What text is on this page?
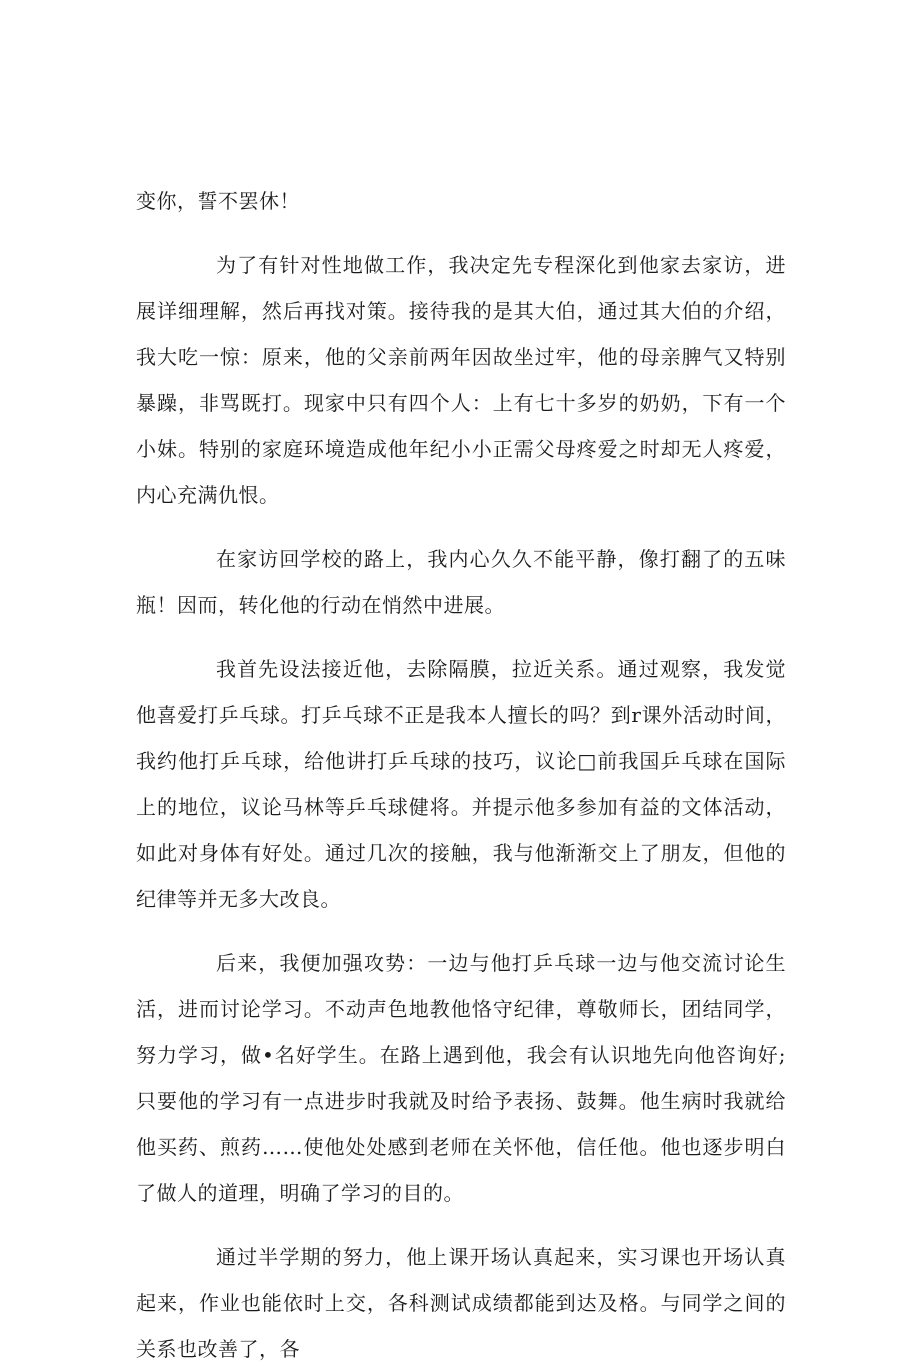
变你，誓不罢休！

为了有针对性地做工作，我决定先专程深化到他家去家访，进展详细理解，然后再找对策。接待我的是其大伯，通过其大伯的介绍，我大吃一惊：原来，他的父亲前两年因故坐过牢，他的母亲脾气又特别暴躁，非骂既打。现家中只有四个人：上有七十多岁的奶奶，下有一个小妹。特别的家庭环境造成他年纪小小正需父母疼爱之时却无人疼爱，内心充满仇恨。

在家访回学校的路上，我内心久久不能平静，像打翻了的五味瓶！因而，转化他的行动在悄然中进展。

我首先设法接近他，去除隔膜，拉近关系。通过观察，我发觉他喜爱打乒乓球。打乒乓球不正是我本人擅长的吗？到r课外活动时间，我约他打乒乓球，给他讲打乒乓球的技巧，议论□前我国乒乓球在国际上的地位，议论马林等乒乓球健将。并提示他多参加有益的文体活动，如此对身体有好处。通过几次的接触，我与他渐渐交上了朋友，但他的纪律等并无多大改良。

后来，我便加强攻势：一边与他打乒乓球一边与他交流讨论生活，进而讨论学习。不动声色地教他恪守纪律，尊敬师长，团结同学，努力学习，做•名好学生。在路上遇到他，我会有认识地先向他咨询好;只要他的学习有一点进步时我就及时给予表扬、鼓舞。他生病时我就给他买药、煎药……使他处处感到老师在关怀他，信任他。他也逐步明白了做人的道理，明确了学习的目的。

通过半学期的努力，他上课开场认真起来，实习课也开场认真起来，作业也能依时上交，各科测试成绩都能到达及格。与同学之间的关系也改善了，各
